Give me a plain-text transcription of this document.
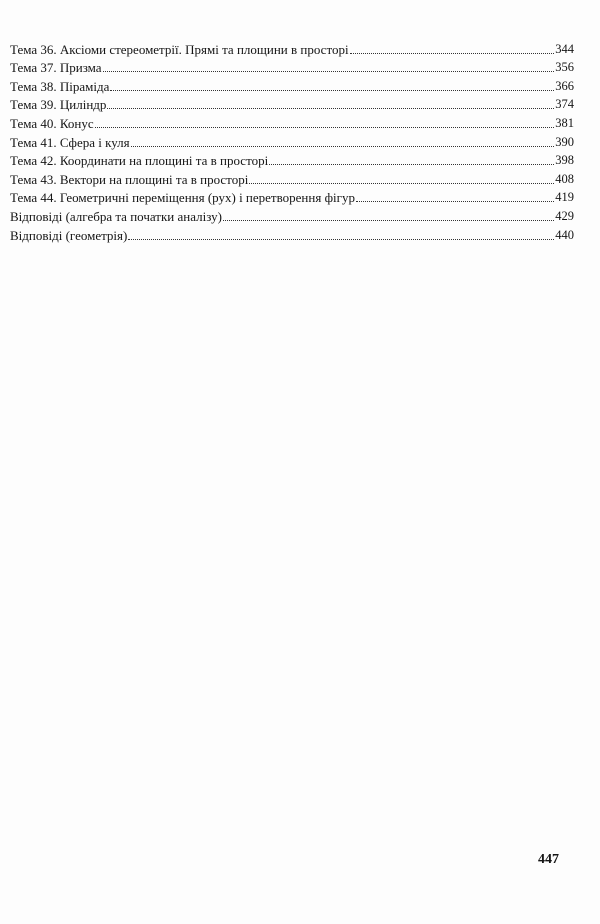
Тема 36. Аксіоми стереометрії. Прямі та площини в просторі	344
Тема 37. Призма	356
Тема 38. Піраміда	366
Тема 39. Циліндр	374
Тема 40. Конус	381
Тема 41. Сфера і куля	390
Тема 42. Координати на площині та в просторі	398
Тема 43. Вектори на площині та в просторі	408
Тема 44. Геометричні переміщення (рух) і перетворення фігур	419
Відповіді (алгебра та початки аналізу)	429
Відповіді (геометрія)	440
447
